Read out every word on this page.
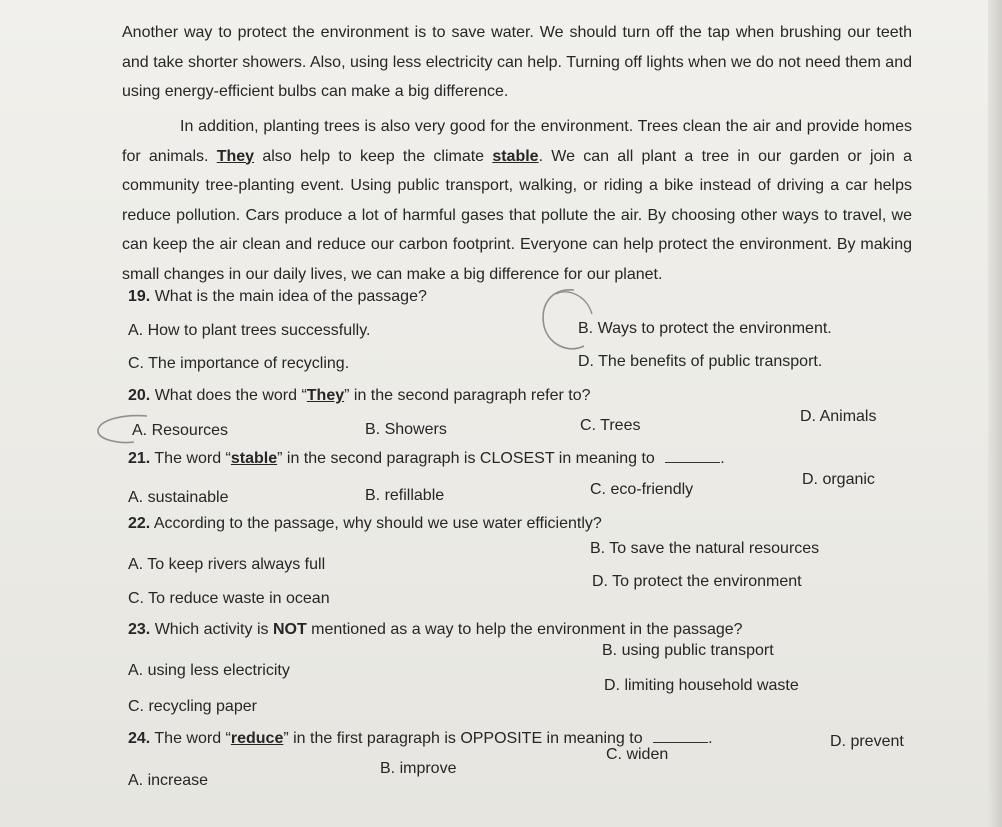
Another way to protect the environment is to save water. We should turn off the tap when brushing our teeth and take shorter showers. Also, using less electricity can help. Turning off lights when we do not need them and using energy-efficient bulbs can make a big difference.

In addition, planting trees is also very good for the environment. Trees clean the air and provide homes for animals. They also help to keep the climate stable. We can all plant a tree in our garden or join a community tree-planting event. Using public transport, walking, or riding a bike instead of driving a car helps reduce pollution. Cars produce a lot of harmful gases that pollute the air. By choosing other ways to travel, we can keep the air clean and reduce our carbon footprint. Everyone can help protect the environment. By making small changes in our daily lives, we can make a big difference for our planet.

19. What is the main idea of the passage?
A. How to plant trees successfully.	B. Ways to protect the environment.
C. The importance of recycling.	D. The benefits of public transport.
20. What does the word “They” in the second paragraph refer to?
A. Resources	B. Showers	C. Trees
D. Animals
21. The word “stable” in the second paragraph is CLOSEST in meaning to	.
A. sustainable	B. refillable	C. eco-friendly
D. organic
22. According to the passage, why should we use water efficiently?
A. To keep rivers always full
B. To save the natural resources
C. To reduce waste in ocean
D. To protect the environment
23. Which activity is NOT mentioned as a way to help the environment in the passage?
A. using less electricity
B. using public transport
C. recycling paper
D. limiting household waste
24. The word “reduce” in the first paragraph is OPPOSITE in meaning to	.
A. increase
B. improve
C. widen
D. prevent
